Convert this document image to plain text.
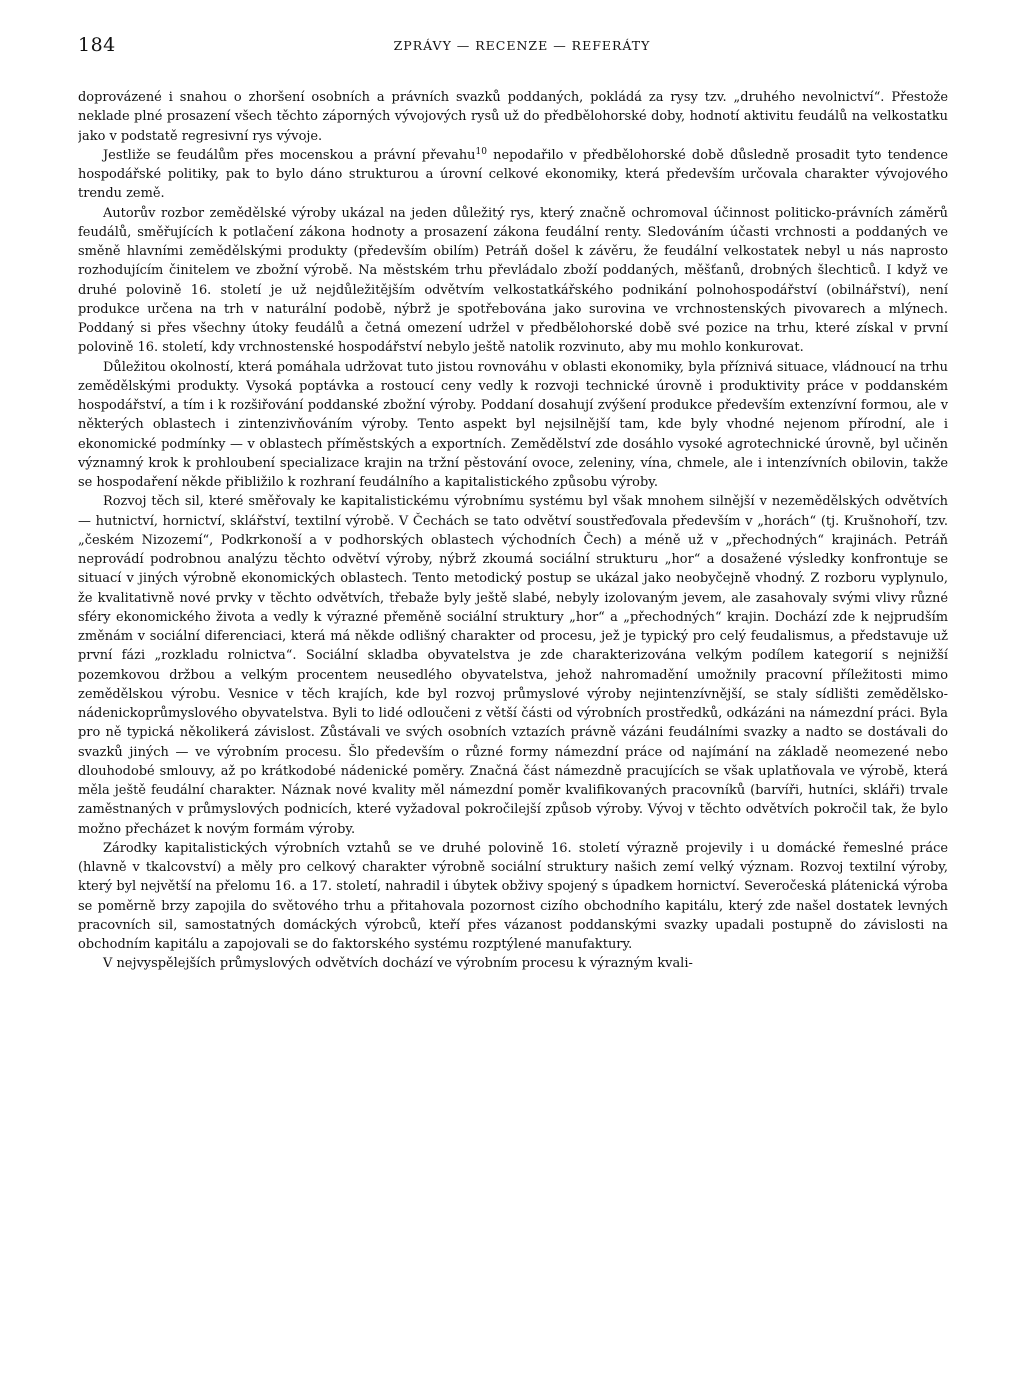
184	ZPRÁVY — RECENZE — REFERÁTY

doprovázené i snahou o zhoršení osobních a právních svazků poddaných, pokládá za rysy tzv. „druhého nevolnictví“. Přestože neklade plné prosazení všech těchto záporných vývojových rysů už do předbělohorské doby, hodnotí aktivitu feudálů na velkostatku jako v podstatě regresivní rys vývoje.

Jestliže se feudálům přes mocenskou a právní převahu$^{10}$ nepodařilo v předbělohorské době důsledně prosadit tyto tendence hospodářské politiky, pak to bylo dáno strukturou a úrovní celkové ekonomiky, která především určovala charakter vývojového trendu země.

Autorův rozbor zemědělské výroby ukázal na jeden důležitý rys, který značně ochromoval účinnost politicko-právních záměrů feudálů, směřujících k potlačení zákona hodnoty a prosazení zákona feudální renty. Sledováním účasti vrchnosti a poddaných ve směně hlavními zemědělskými produkty (především obilím) Petráň došel k závěru, že feudální velkostatek nebyl u nás naprosto rozhodujícím činitelem ve zbožní výrobě. Na městském trhu převládalo zboží poddaných, měšťanů, drobných šlechticů. I když ve druhé polovině 16. století je už nejdůležitějším odvětvím velkostatkářského podnikání polnohospodářství (obilnářství), není produkce určena na trh v naturální podobě, nýbrž je spotřebována jako surovina ve vrchnostenských pivovarech a mlýnech. Poddaný si přes všechny útoky feudálů a četná omezení udržel v předbělohorské době své pozice na trhu, které získal v první polovině 16. století, kdy vrchnostenské hospodářství nebylo ještě natolik rozvinuto, aby mu mohlo konkurovat.

Důležitou okolností, která pomáhala udržovat tuto jistou rovnováhu v oblasti ekonomiky, byla příznivá situace, vládnoucí na trhu zemědělskými produkty. Vysoká poptávka a rostoucí ceny vedly k rozvoji technické úrovně i produktivity práce v poddanském hospodářství, a tím i k rozšiřování poddanské zbožní výroby. Poddaní dosahují zvýšení produkce především extenzívní formou, ale v některých oblastech i zintenzivňováním výroby. Tento aspekt byl nejsilnější tam, kde byly vhodné nejenom přírodní, ale i ekonomické podmínky — v oblastech příměstských a exportních. Zemědělství zde dosáhlo vysoké agrotechnické úrovně, byl učiněn významný krok k prohloubení specializace krajin na tržní pěstování ovoce, zeleniny, vína, chmele, ale i intenzívních obilovin, takže se hospodaření někde přibližilo k rozhraní feudálního a kapitalistického způsobu výroby.

Rozvoj těch sil, které směřovaly ke kapitalistickému výrobnímu systému byl však mnohem silnější v nezemědělských odvětvích — hutnictví, hornictví, sklářství, textilní výrobě. V Čechách se tato odvětví soustřeďovala především v „horách“ (tj. Krušnohoří, tzv. „českém Nizozemí“, Podkrkonoší a v podhorských oblastech východních Čech) a méně už v „přechodných“ krajinách. Petráň neprovádí podrobnou analýzu těchto odvětví výroby, nýbrž zkoumá sociální strukturu „hor“ a dosažené výsledky konfrontuje se situací v jiných výrobně ekonomických oblastech. Tento metodický postup se ukázal jako neobyčejně vhodný. Z rozboru vyplynulo, že kvalitativně nové prvky v těchto odvětvích, třebaže byly ještě slabé, nebyly izolovaným jevem, ale zasahovaly svými vlivy různé sféry ekonomického života a vedly k výrazné přeměně sociální struktury „hor“ a „přechodných“ krajin. Dochází zde k nejprudším změnám v sociální diferenciaci, která má někde odlišný charakter od procesu, jež je typický pro celý feudalismus, a představuje už první fázi „rozkladu rolnictva“. Sociální skladba obyvatelstva je zde charakterizována velkým podílem kategorií s nejnižší pozemkovou držbou a velkým procentem neusedlého obyvatelstva, jehož nahromadění umožnily pracovní příležitosti mimo zemědělskou výrobu. Vesnice v těch krajích, kde byl rozvoj průmyslové výroby nejintenzívnější, se staly sídlišti zemědělsko-nádenickoprůmyslového obyvatelstva. Byli to lidé odloučeni z větší části od výrobních prostředků, odkázáni na námezdní práci. Byla pro ně typická několikerá závislost. Zůstávali ve svých osobních vztazích právně vázáni feudálními svazky a nadto se dostávali do svazků jiných — ve výrobním procesu. Šlo především o různé formy námezdní práce od najímání na základě neomezené nebo dlouhodobé smlouvy, až po krátkodobé nádenické poměry. Značná část námezdně pracujících se však uplatňovala ve výrobě, která měla ještě feudální charakter. Náznak nové kvality měl námezdní poměr kvalifikovaných pracovníků (barvíři, hutníci, skláři) trvale zaměstnaných v průmyslových podnicích, které vyžadoval pokročilejší způsob výroby. Vývoj v těchto odvětvích pokročil tak, že bylo možno přecházet k novým formám výroby.

Zárodky kapitalistických výrobních vztahů se ve druhé polovině 16. století výrazně projevily i u domácké řemeslné práce (hlavně v tkalcovství) a měly pro celkový charakter výrobně sociální struktury našich zemí velký význam. Rozvoj textilní výroby, který byl největší na přelomu 16. a 17. století, nahradil i úbytek obživy spojený s úpadkem hornictví. Severočeská plátenická výroba se poměrně brzy zapojila do světového trhu a přitahovala pozornost cizího obchodního kapitálu, který zde našel dostatek levných pracovních sil, samostatných domáckých výrobců, kteří přes vázanost poddanskými svazky upadali postupně do závislosti na obchodním kapitálu a zapojovali se do faktorského systému rozptýlené manufaktury.

V nejvyspělejších průmyslových odvětvích dochází ve výrobním procesu k výrazným kvali-
